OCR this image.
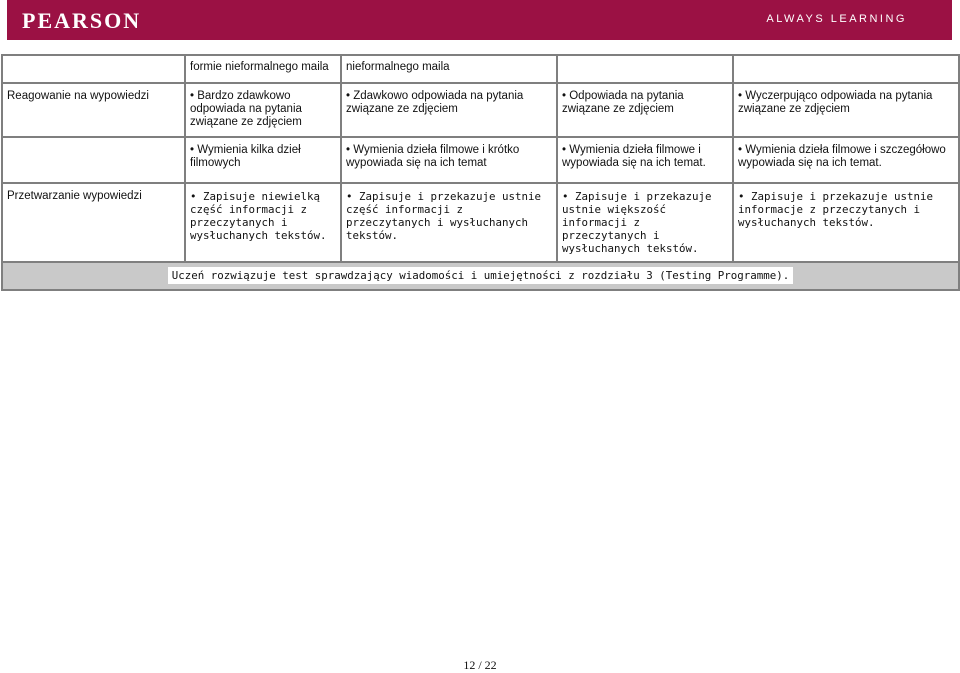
PEARSON	ALWAYS LEARNING
	formie nieformalnego maila	nieformalnego maila		
Reagowanie na wypowiedzi	• Bardzo zdawkowo odpowiada na pytania związane ze zdjęciem	• Zdawkowo odpowiada na pytania związane ze zdjęciem	• Odpowiada na pytania związane ze zdjęciem	• Wyczerpująco odpowiada na pytania związane ze zdjęciem
	• Wymienia kilka dzieł filmowych	• Wymienia dzieła filmowe i krótko wypowiada się na ich temat	• Wymienia dzieła filmowe i wypowiada się na ich temat.	• Wymienia dzieła filmowe i szczegółowo wypowiada się na ich temat.
Przetwarzanie wypowiedzi	• Zapisuje niewielką część informacji z przeczytanych i wysłuchanych tekstów.	• Zapisuje i przekazuje ustnie część informacji z przeczytanych i wysłuchanych tekstów.	• Zapisuje i przekazuje ustnie większość informacji z przeczytanych i wysłuchanych tekstów.	• Zapisuje i przekazuje ustnie informacje z przeczytanych i wysłuchanych tekstów.
Uczeń rozwiązuje test sprawdzający wiadomości i umiejętności z rozdziału 3 (Testing Programme).				
12 / 22
